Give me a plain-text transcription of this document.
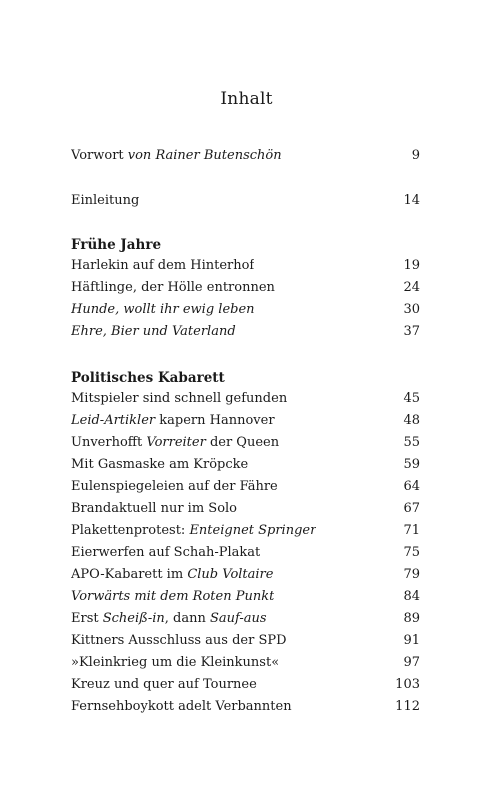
Inhalt
Vorwort von Rainer Butenschön	9
Einleitung	14
Frühe Jahre
Harlekin auf dem Hinterhof	19
Häftlinge, der Hölle entronnen	24
Hunde, wollt ihr ewig leben	30
Ehre, Bier und Vaterland	37
Politisches Kabarett
Mitspieler sind schnell gefunden	45
Leid-Artikler kapern Hannover	48
Unverhofft Vorreiter der Queen	55
Mit Gasmaske am Kröpcke	59
Eulenspiegeleien auf der Fähre	64
Brandaktuell nur im Solo	67
Plakettenprotest: Enteignet Springer	71
Eierwerfen auf Schah-Plakat	75
APO-Kabarett im Club Voltaire	79
Vorwärts mit dem Roten Punkt	84
Erst Scheiß-in, dann Sauf-aus	89
Kittners Ausschluss aus der SPD	91
»Kleinkrieg um die Kleinkunst«	97
Kreuz und quer auf Tournee	103
Fernsehboykott adelt Verbannten	112
